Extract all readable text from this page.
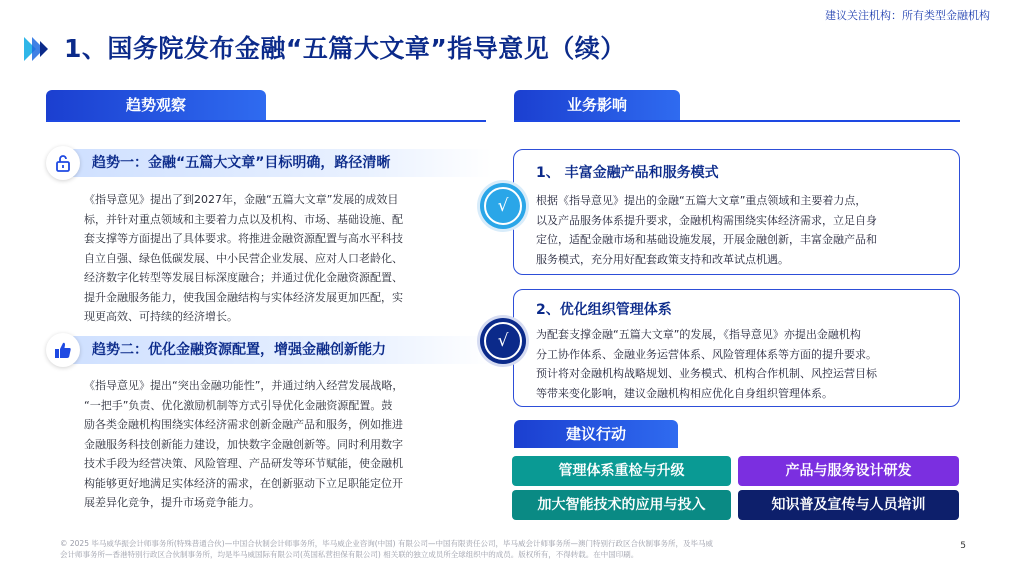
建议关注机构：所有类型金融机构
1、国务院发布金融“五篇大文章”指导意见（续）
趋势观察
趋势一：金融“五篇大文章”目标明确，路径清晰
《指导意见》提出了到2027年，金融“五篇大文章”发展的成效目
标，并针对重点领域和主要着力点以及机构、市场、基础设施、配
套支撑等方面提出了具体要求。将推进金融资源配置与高水平科技
自立自强、绿色低碳发展、中小民营企业发展、应对人口老龄化、
经济数字化转型等发展目标深度融合；并通过优化金融资源配置、
提升金融服务能力，使我国金融结构与实体经济发展更加匹配，实
现更高效、可持续的经济增长。
趋势二：优化金融资源配置，增强金融创新能力
《指导意见》提出“突出金融功能性”，并通过纳入经营发展战略，
“一把手”负责、优化激励机制等方式引导优化金融资源配置。鼓
励各类金融机构围绕实体经济需求创新金融产品和服务，例如推进
金融服务科技创新能力建设，加快数字金融创新等。同时利用数字
技术手段为经营决策、风险管理、产品研发等环节赋能，使金融机
构能够更好地满足实体经济的需求，在创新驱动下立足职能定位开
展差异化竞争，提升市场竞争能力。
业务影响
1、 丰富金融产品和服务模式
根据《指导意见》提出的金融“五篇大文章”重点领域和主要着力点，
以及产品服务体系提升要求，金融机构需围绕实体经济需求，立足自身
定位，适配金融市场和基础设施发展，开展金融创新，丰富金融产品和
服务模式，充分用好配套政策支持和改革试点机遇。
√
2、优化组织管理体系
为配套支撑金融“五篇大文章”的发展，《指导意见》亦提出金融机构
分工协作体系、金融业务运营体系、风险管理体系等方面的提升要求。
预计将对金融机构战略规划、业务模式、机构合作机制、风控运营目标
等带来变化影响，建议金融机构相应优化自身组织管理体系。
√
建议行动
管理体系重检与升级	产品与服务设计研发
加大智能技术的应用与投入	知识普及宣传与人员培训
© 2025 毕马威华振会计师事务所(特殊普通合伙)—中国合伙制会计师事务所，毕马威企业咨询(中国) 有限公司—中国有限责任公司，毕马威会计师事务所—澳门特别行政区合伙制事务所，及毕马威
会计师事务所—香港特别行政区合伙制事务所，均是毕马威国际有限公司(英国私营担保有限公司) 相关联的独立成员所全球组织中的成员。版权所有，不得转载。在中国印刷。
5
